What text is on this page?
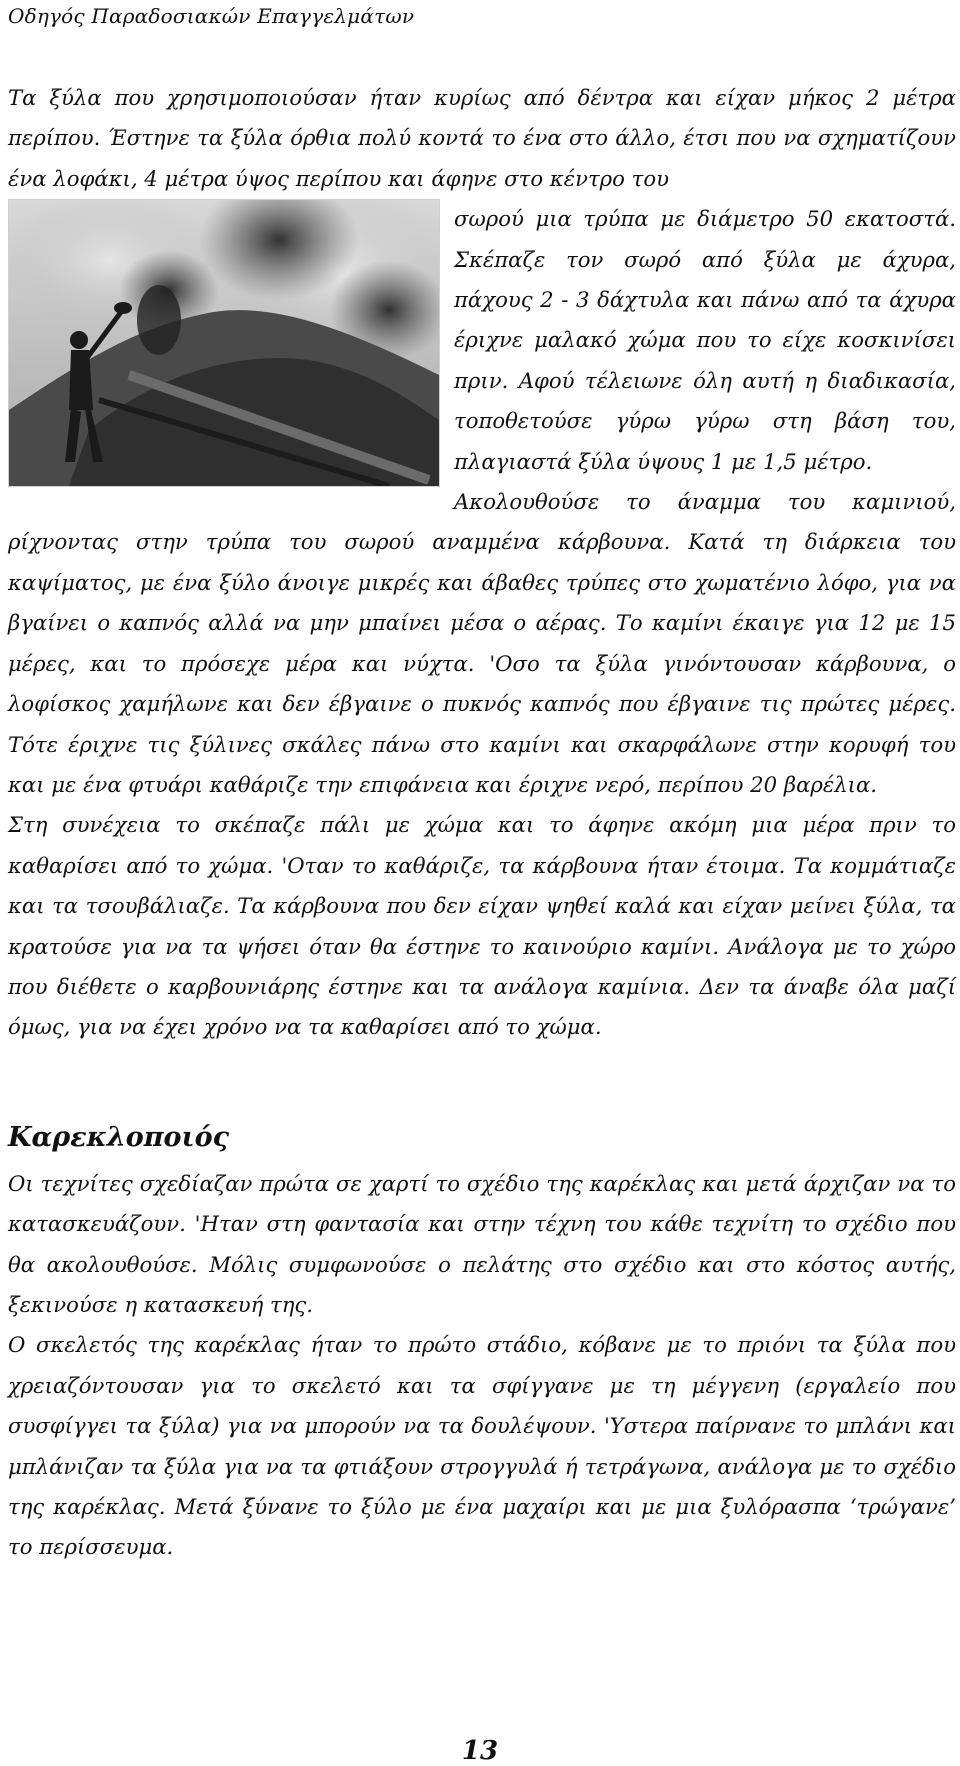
Οδηγός Παραδοσιακών Επαγγελμάτων

Τα ξύλα που χρησιμοποιούσαν ήταν κυρίως από δέντρα και είχαν μήκος 2 μέτρα περίπου. Έστηνε τα ξύλα όρθια πολύ κοντά το ένα στο άλλο, έτσι που να σχηματίζουν ένα λοφάκι, 4 μέτρα ύψος περίπου και άφηνε στο κέντρο του

σωρού μια τρύπα με διάμετρο 50 εκατοστά. Σκέπαζε τον σωρό από ξύλα με άχυρα, πάχους 2 - 3 δάχτυλα και πάνω από τα άχυρα έριχνε μαλακό χώμα που το είχε κοσκινίσει πριν. Αφού τέλειωνε όλη αυτή η διαδικασία, τοποθετούσε γύρω γύρω στη βάση του, πλαγιαστά ξύλα ύψους 1 με 1,5 μέτρο.

Ακολουθούσε το άναμμα του καμινιού, ρίχνοντας στην τρύπα του σωρού αναμμένα κάρβουνα. Κατά τη διάρκεια του καψίματος, με ένα ξύλο άνοιγε μικρές και άβαθες τρύπες στο χωματένιο λόφο, για να βγαίνει ο καπνός αλλά να μην μπαίνει μέσα ο αέρας. Το καμίνι έκαιγε για 12 με 15 μέρες, και το πρόσεχε μέρα και νύχτα. 'Οσο τα ξύλα γινόντουσαν κάρβουνα, ο λοφίσκος χαμήλωνε και δεν έβγαινε ο πυκνός καπνός που έβγαινε τις πρώτες μέρες. Τότε έριχνε τις ξύλινες σκάλες πάνω στο καμίνι και σκαρφάλωνε στην κορυφή του και με ένα φτυάρι καθάριζε την επιφάνεια και έριχνε νερό, περίπου 20 βαρέλια.

Στη συνέχεια το σκέπαζε πάλι με χώμα και το άφηνε ακόμη μια μέρα πριν το καθαρίσει από το χώμα. 'Οταν το καθάριζε, τα κάρβουνα ήταν έτοιμα. Τα κομμάτιαζε και τα τσουβάλιαζε. Τα κάρβουνα που δεν είχαν ψηθεί καλά και είχαν μείνει ξύλα, τα κρατούσε για να τα ψήσει όταν θα έστηνε το καινούριο καμίνι. Ανάλογα με το χώρο που διέθετε ο καρβουνιάρης έστηνε και τα ανάλογα καμίνια. Δεν τα άναβε όλα μαζί όμως, για να έχει χρόνο να τα καθαρίσει από το χώμα.

Καρεκλοποιός

Οι τεχνίτες σχεδίαζαν πρώτα σε χαρτί το σχέδιο της καρέκλας και μετά άρχιζαν να το κατασκευάζουν. 'Ηταν στη φαντασία και στην τέχνη του κάθε τεχνίτη το σχέδιο που θα ακολουθούσε. Μόλις συμφωνούσε ο πελάτης στο σχέδιο και στο κόστος αυτής, ξεκινούσε η κατασκευή της.

Ο σκελετός της καρέκλας ήταν το πρώτο στάδιο, κόβανε με το πριόνι τα ξύλα που χρειαζόντουσαν για το σκελετό και τα σφίγγανε με τη μέγγενη (εργαλείο που συσφίγγει τα ξύλα) για να μπορούν να τα δουλέψουν. 'Υστερα παίρνανε το μπλάνι και μπλάνιζαν τα ξύλα για να τα φτιάξουν στρογγυλά ή τετράγωνα, ανάλογα με το σχέδιο της καρέκλας. Μετά ξύνανε το ξύλο με ένα μαχαίρι και με μια ξυλόρασπα ‘τρώγανε’ το περίσσευμα.

13
